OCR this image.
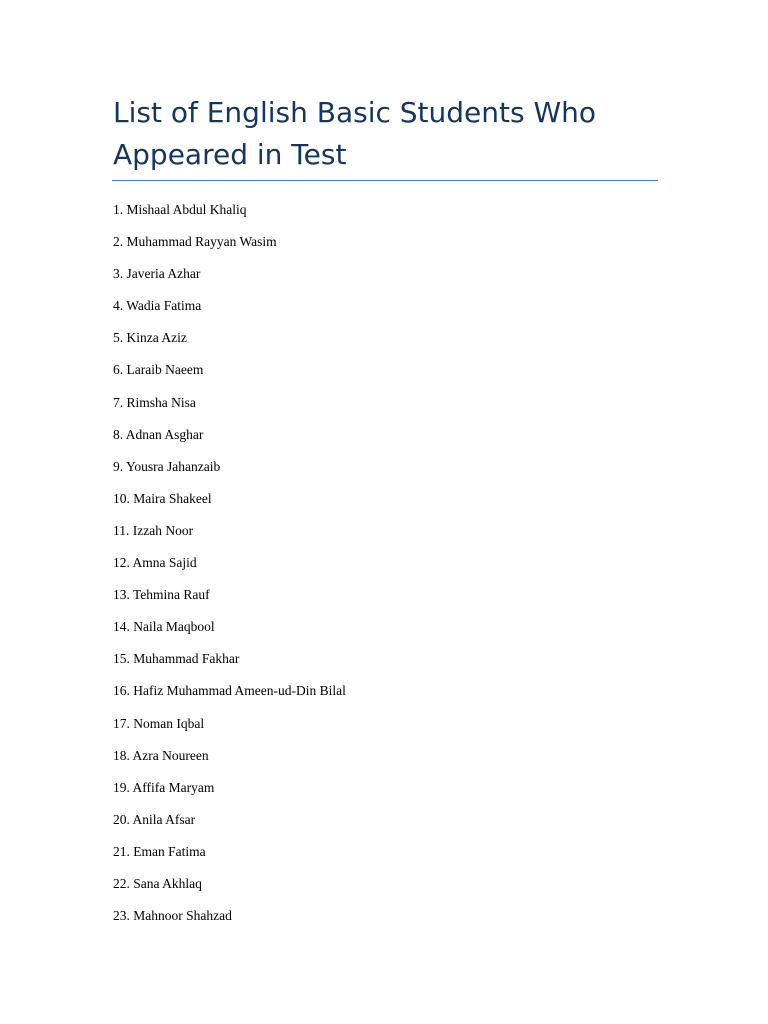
List of English Basic Students Who Appeared in Test
1. Mishaal Abdul Khaliq
2. Muhammad Rayyan Wasim
3. Javeria Azhar
4. Wadia Fatima
5. Kinza Aziz
6. Laraib Naeem
7. Rimsha Nisa
8. Adnan Asghar
9. Yousra Jahanzaib
10. Maira Shakeel
11. Izzah Noor
12. Amna Sajid
13. Tehmina Rauf
14. Naila Maqbool
15. Muhammad Fakhar
16. Hafiz Muhammad Ameen-ud-Din Bilal
17. Noman Iqbal
18. Azra Noureen
19. Affifa Maryam
20. Anila Afsar
21. Eman Fatima
22. Sana Akhlaq
23. Mahnoor Shahzad
